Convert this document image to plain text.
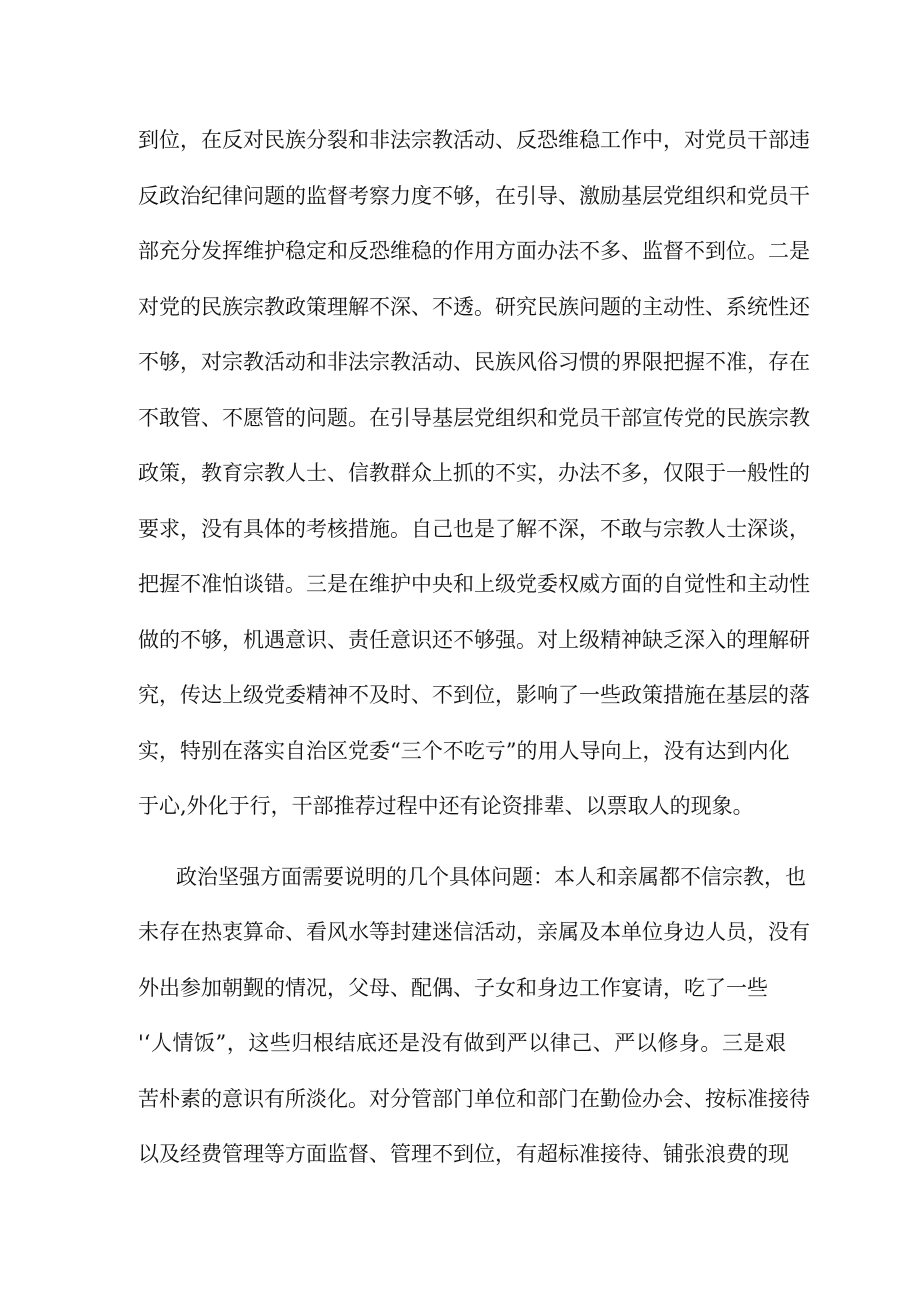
到位，在反对民族分裂和非法宗教活动、反恐维稳工作中，对党员干部违
反政治纪律问题的监督考察力度不够，在引导、激励基层党组织和党员干
部充分发挥维护稳定和反恐维稳的作用方面办法不多、监督不到位。二是
对党的民族宗教政策理解不深、不透。研究民族问题的主动性、系统性还
不够，对宗教活动和非法宗教活动、民族风俗习惯的界限把握不准，存在
不敢管、不愿管的问题。在引导基层党组织和党员干部宣传党的民族宗教
政策，教育宗教人士、信教群众上抓的不实，办法不多，仅限于一般性的
要求，没有具体的考核措施。自己也是了解不深，不敢与宗教人士深谈，
把握不准怕谈错。三是在维护中央和上级党委权威方面的自觉性和主动性
做的不够，机遇意识、责任意识还不够强。对上级精神缺乏深入的理解研
究，传达上级党委精神不及时、不到位，影响了一些政策措施在基层的落
实，特别在落实自治区党委“三个不吃亏”的用人导向上，没有达到内化
于心,外化于行，干部推荐过程中还有论资排辈、以票取人的现象。
政治坚强方面需要说明的几个具体问题：本人和亲属都不信宗教，也
未存在热衷算命、看风水等封建迷信活动，亲属及本单位身边人员，没有
外出参加朝觐的情况，父母、配偶、子女和身边工作宴请，吃了一些
'‘人情饭”，这些归根结底还是没有做到严以律己、严以修身。三是艰
苦朴素的意识有所淡化。对分管部门单位和部门在勤俭办会、按标准接待
以及经费管理等方面监督、管理不到位，有超标准接待、铺张浪费的现
